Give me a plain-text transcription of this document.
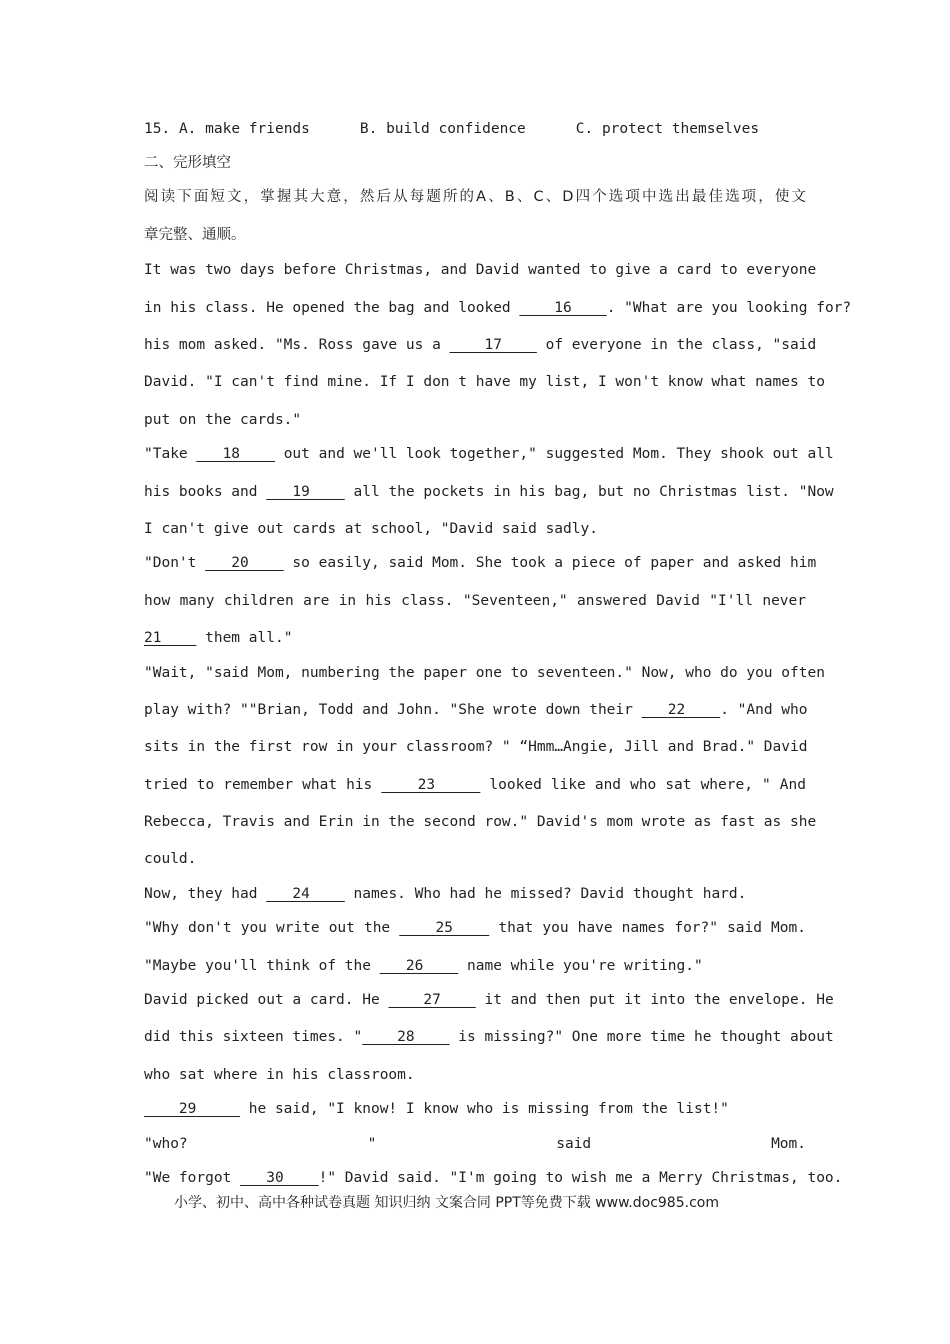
15. A. make friends	B. build confidence	C. protect themselves
二、完形填空
阅读下面短文，掌握其大意，然后从每题所的A、B、C、D四个选项中选出最佳选项，使文
章完整、通顺。
It was two days before Christmas, and David wanted to give a card to everyone
in his class. He opened the bag and looked     16    . "What are you looking for?
his mom asked. "Ms. Ross gave us a     17     of everyone in the class, "said
David. "I can't find mine. If I don t have my list, I won't know what names to
put on the cards."
"Take    18     out and we'll look together," suggested Mom. They shook out all
his books and    19     all the pockets in his bag, but no Christmas list. "Now
I can't give out cards at school, "David said sadly.
"Don't    20     so easily, said Mom. She took a piece of paper and asked him
how many children are in his class. "Seventeen," answered David "I'll never
21     them all."
"Wait, "said Mom, numbering the paper one to seventeen." Now, who do you often
play with? ""Brian, Todd and John. "She wrote down their    22    . "And who
sits in the first row in your classroom? " “Hmm…Angie, Jill and Brad." David
tried to remember what his     23      looked like and who sat where, " And
Rebecca, Travis and Erin in the second row." David's mom wrote as fast as she
could.
Now, they had    24     names. Who had he missed? David thought hard.
"Why don't you write out the     25     that you have names for?" said Mom.
"Maybe you'll think of the    26     name while you're writing."
David picked out a card. He     27     it and then put it into the envelope. He
did this sixteen times. "    28     is missing?" One more time he thought about
who sat where in his classroom.
29      he said, "I know! I know who is missing from the list!"
"who? " said Mom.
"We forgot    30    !" David said. "I'm going to wish me a Merry Christmas, too.
小学、初中、高中各种试卷真题 知识归纳 文案合同 PPT等免费下载 www.doc985.com
